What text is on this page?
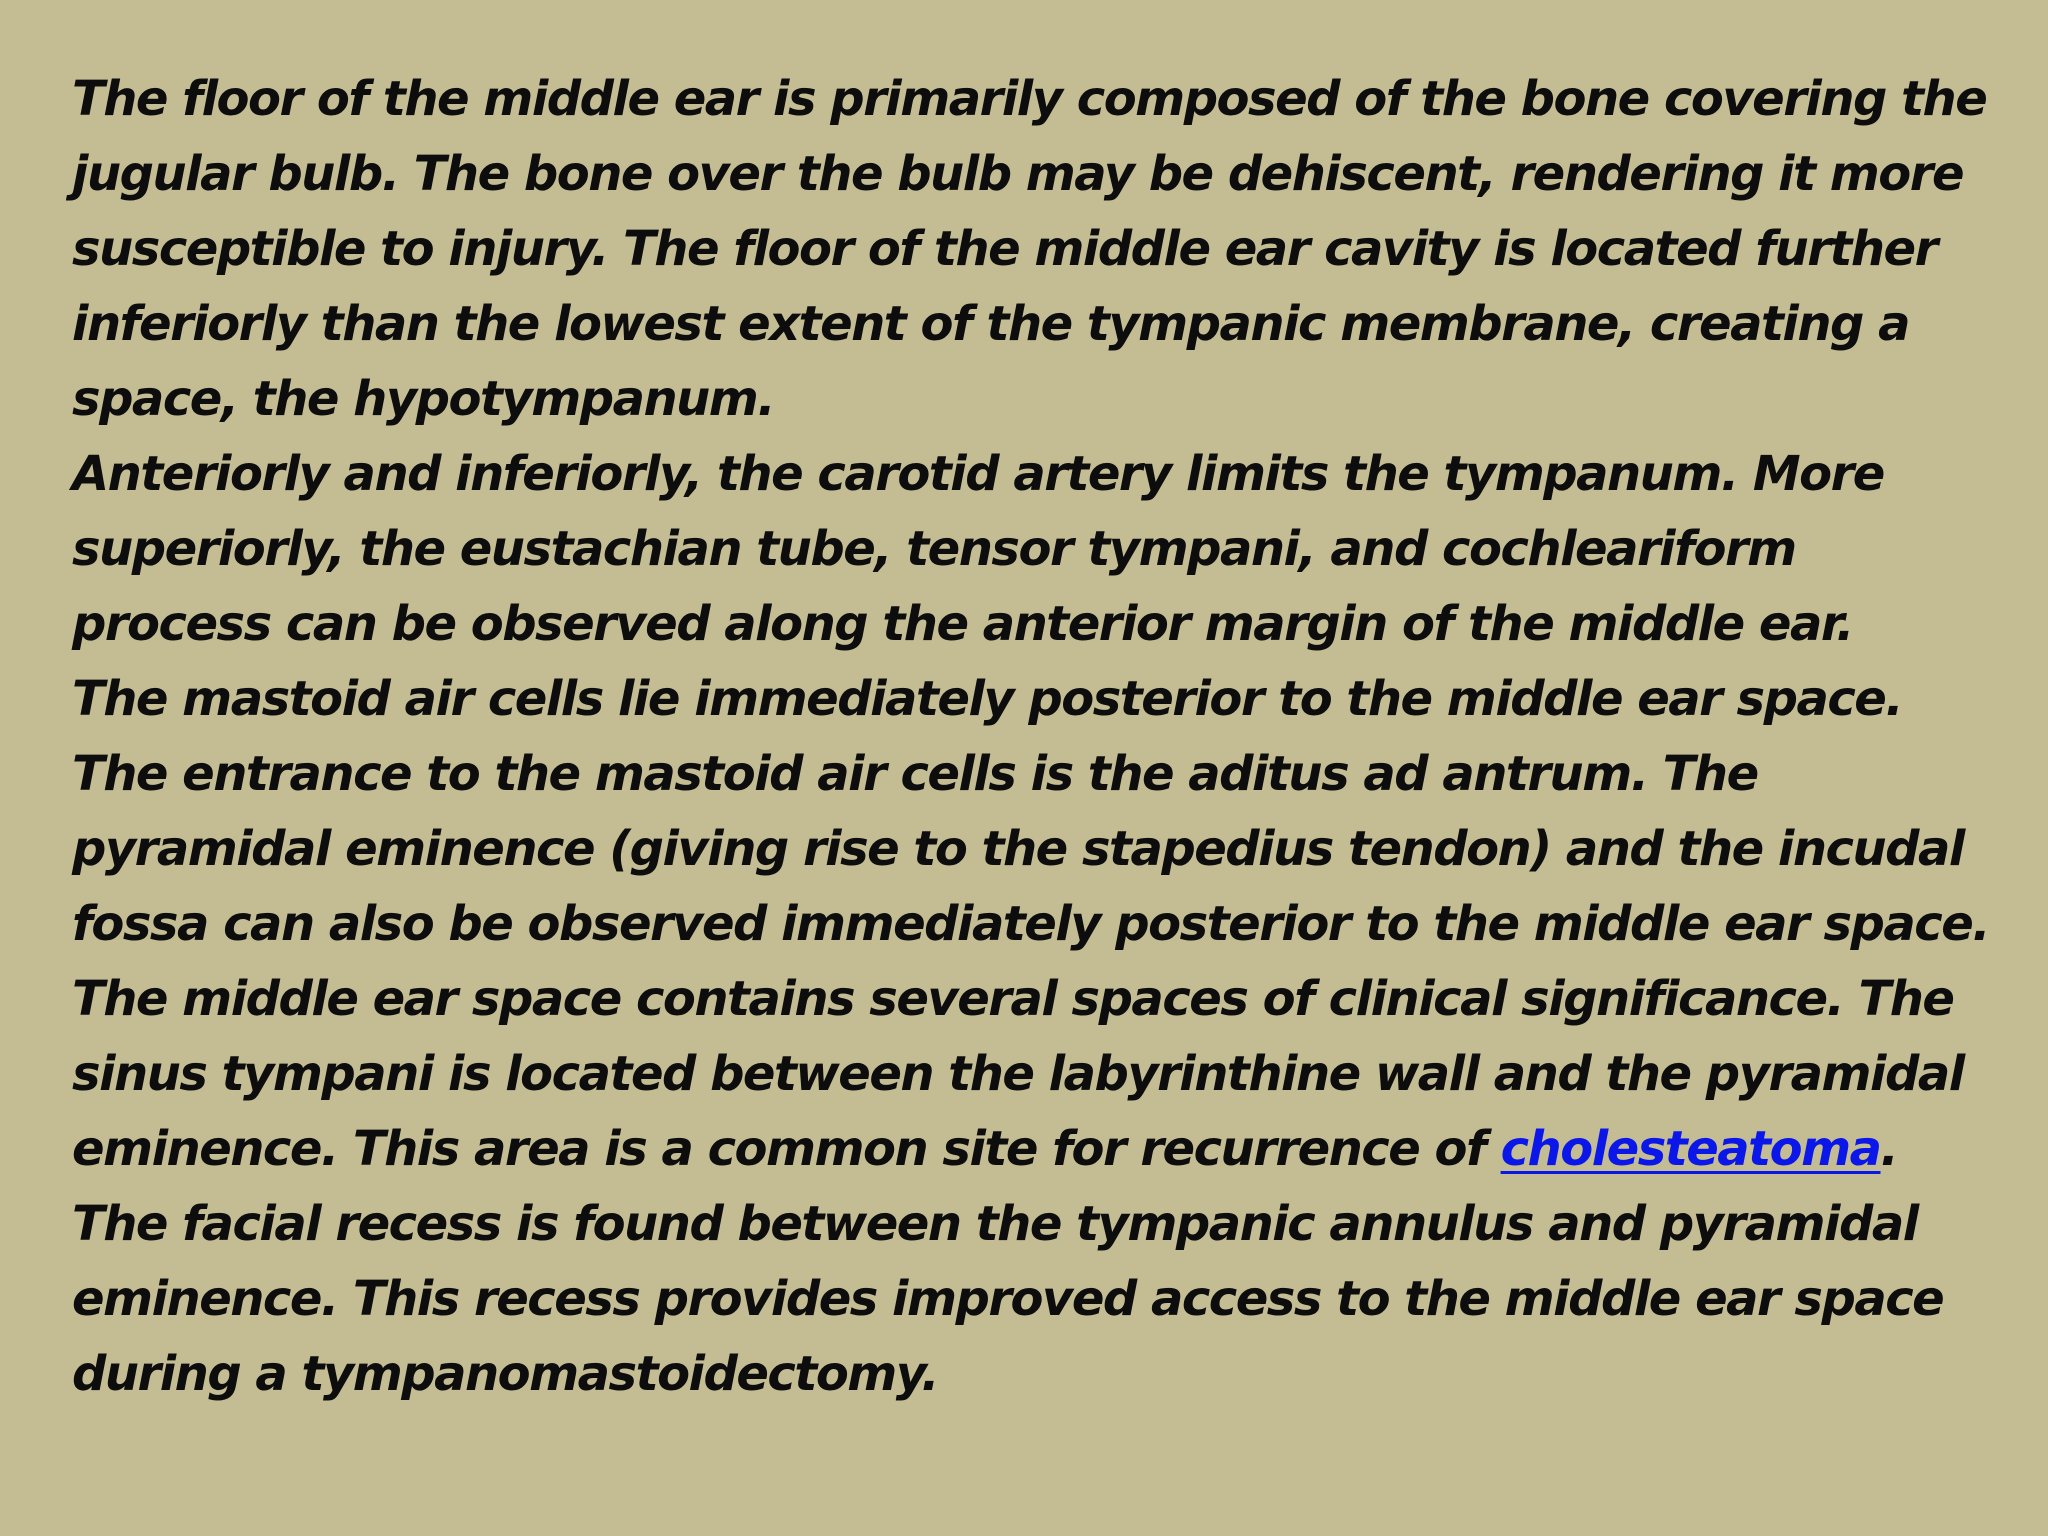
The floor of the middle ear is primarily composed of the bone covering the
jugular bulb. The bone over the bulb may be dehiscent, rendering it more
susceptible to injury. The floor of the middle ear cavity is located further
inferiorly than the lowest extent of the tympanic membrane, creating a
space, the hypotympanum.
Anteriorly and inferiorly, the carotid artery limits the tympanum. More
superiorly, the eustachian tube, tensor tympani, and cochleariform
process can be observed along the anterior margin of the middle ear.
The mastoid air cells lie immediately posterior to the middle ear space.
The entrance to the mastoid air cells is the aditus ad antrum. The
pyramidal eminence (giving rise to the stapedius tendon) and the incudal
fossa can also be observed immediately posterior to the middle ear space.
The middle ear space contains several spaces of clinical significance. The
sinus tympani is located between the labyrinthine wall and the pyramidal
eminence. This area is a common site for recurrence of cholesteatoma.
The facial recess is found between the tympanic annulus and pyramidal
eminence. This recess provides improved access to the middle ear space
during a tympanomastoidectomy.
